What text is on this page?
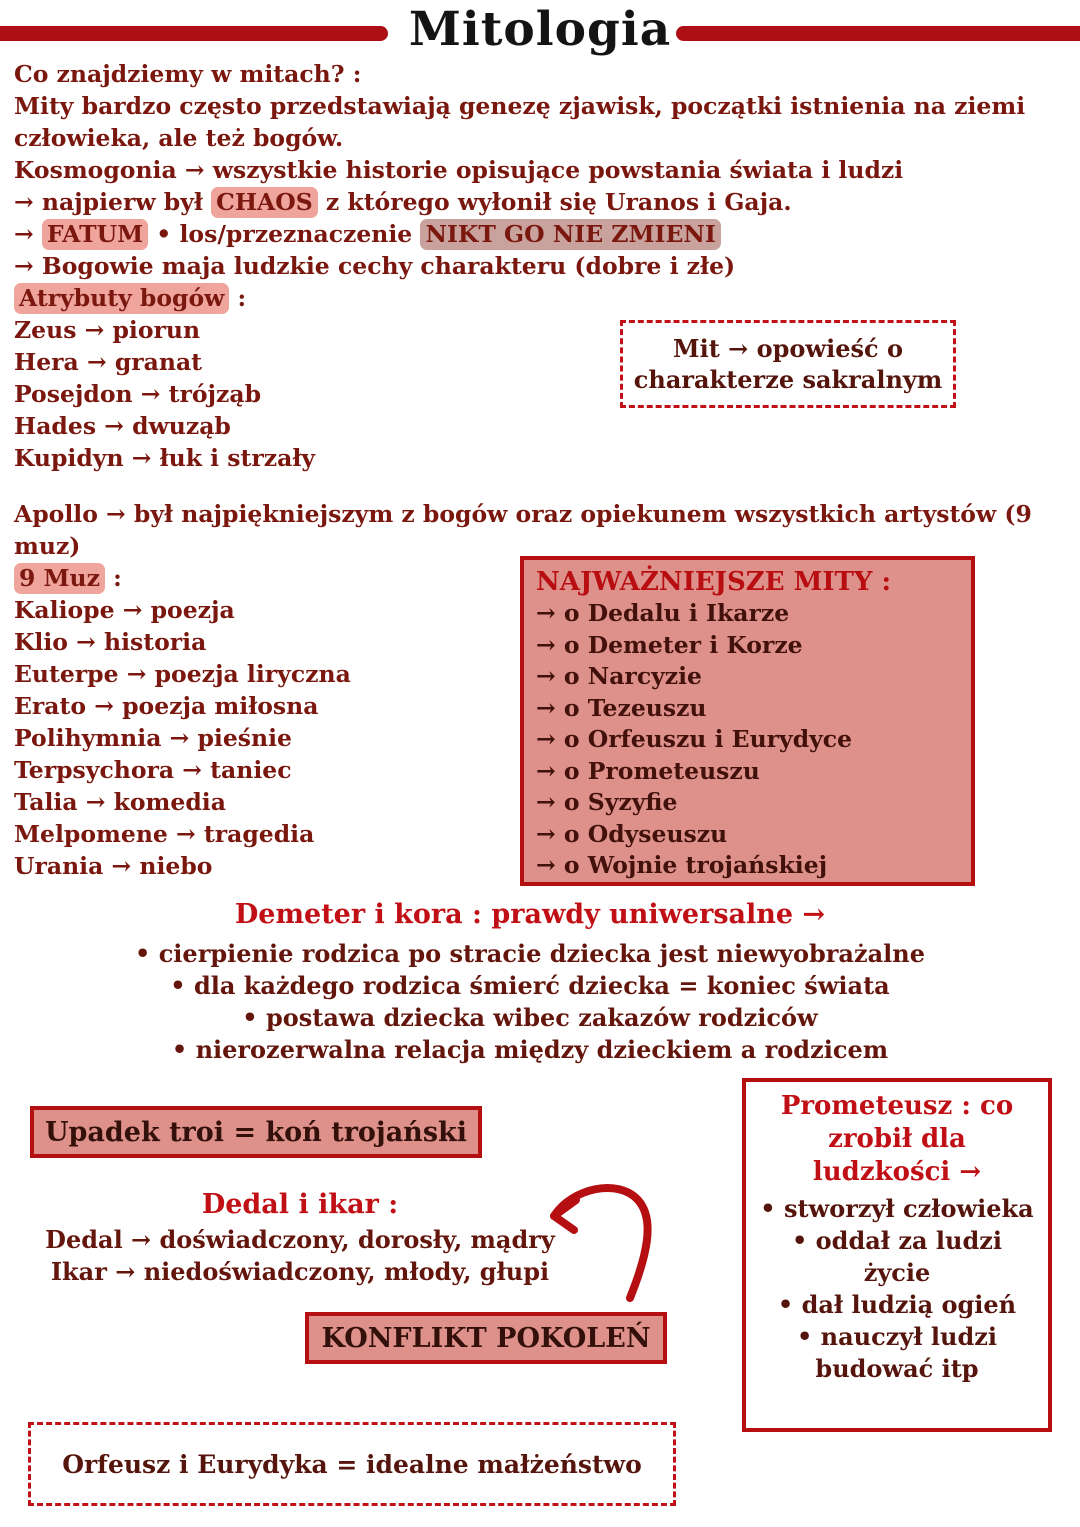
Mitologia
Co znajdziemy w mitach? :
Mity bardzo często przedstawiają genezę zjawisk, początki istnienia na ziemi
człowieka, ale też bogów.
Kosmogonia → wszystkie historie opisujące powstania świata i ludzi
→ najpierw był CHAOS z którego wyłonił się Uranos i Gaja.
→ FATUM • los/przeznaczenie NIKT GO NIE ZMIENI
→ Bogowie maja ludzkie cechy charakteru (dobre i złe)
Atrybuty bogów :
Zeus → piorun
Hera → granat
Posejdon → trójząb
Hades → dwuząb
Kupidyn → łuk i strzały
Apollo → był najpiękniejszym z bogów oraz opiekunem wszystkich artystów (9
muz)
9 Muz :
Kaliope → poezja
Klio → historia
Euterpe → poezja liryczna
Erato → poezja miłosna
Polihymnia → pieśnie
Terpsychora → taniec
Talia → komedia
Melpomene → tragedia
Urania → niebo
Mit → opowieść o
charakterze sakralnym
NAJWAŻNIEJSZE MITY :
→ o Dedalu i Ikarze
→ o Demeter i Korze
→ o Narcyzie
→ o Tezeuszu
→ o Orfeuszu i Eurydyce
→ o Prometeuszu
→ o Syzyfie
→ o Odyseuszu
→ o Wojnie trojańskiej
Demeter i kora : prawdy uniwersalne →
• cierpienie rodzica po stracie dziecka jest niewyobrażalne
• dla każdego rodzica śmierć dziecka = koniec świata
• postawa dziecka wibec zakazów rodziców
• nierozerwalna relacja między dzieckiem a rodzicem
Upadek troi = koń trojański
Prometeusz : co zrobił dla ludzkości →
• stworzył człowieka
• oddał za ludzi życie
• dał ludzią ogień
• nauczył ludzi budować itp
Dedal i ikar :
Dedal → doświadczony, dorosły, mądry
Ikar → niedoświadczony, młody, głupi
KONFLIKT POKOLEŃ
Orfeusz i Eurydyka = idealne małżeństwo
